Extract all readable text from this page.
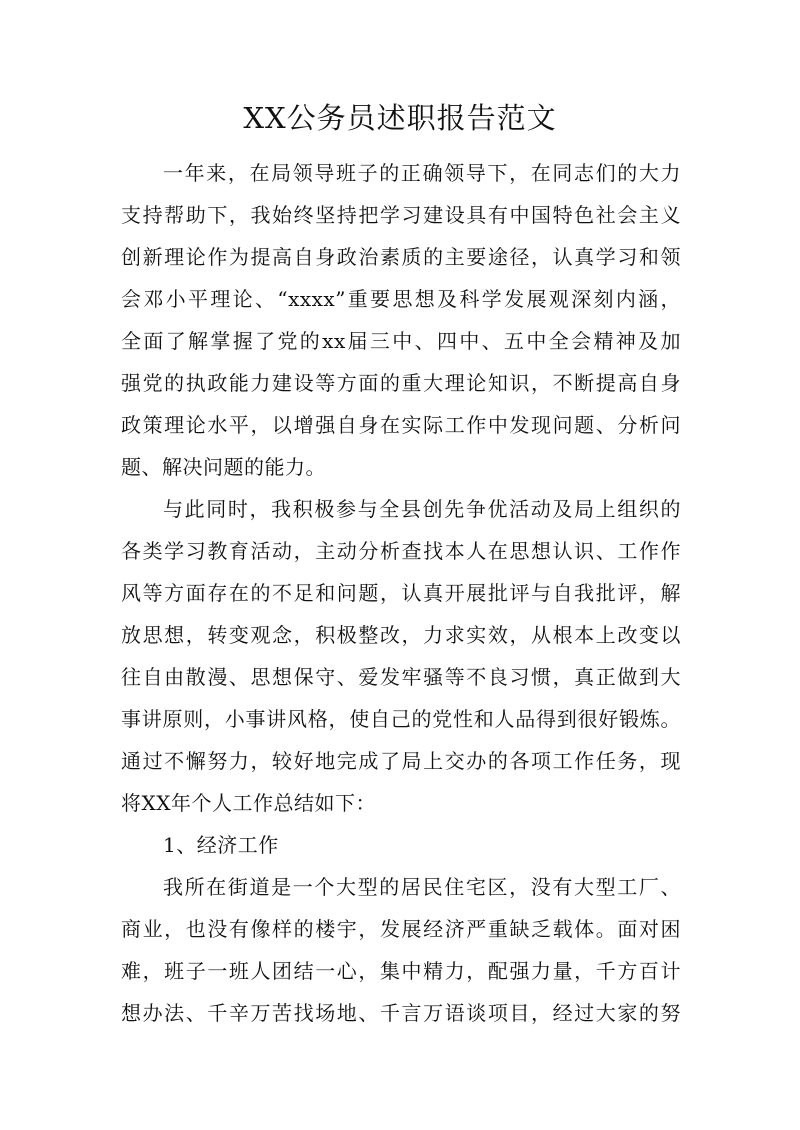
XX公务员述职报告范文
一年来，在局领导班子的正确领导下，在同志们的大力
支持帮助下，我始终坚持把学习建设具有中国特色社会主义
创新理论作为提高自身政治素质的主要途径，认真学习和领
会邓小平理论、“xxxx”重要思想及科学发展观深刻内涵，
全面了解掌握了党的xx届三中、四中、五中全会精神及加
强党的执政能力建设等方面的重大理论知识，不断提高自身
政策理论水平，以增强自身在实际工作中发现问题、分析问
题、解决问题的能力。
与此同时，我积极参与全县创先争优活动及局上组织的
各类学习教育活动，主动分析查找本人在思想认识、工作作
风等方面存在的不足和问题，认真开展批评与自我批评，解
放思想，转变观念，积极整改，力求实效，从根本上改变以
往自由散漫、思想保守、爱发牢骚等不良习惯，真正做到大
事讲原则，小事讲风格，使自己的党性和人品得到很好锻炼。
通过不懈努力，较好地完成了局上交办的各项工作任务，现
将XX年个人工作总结如下：
1、经济工作
我所在街道是一个大型的居民住宅区，没有大型工厂、
商业，也没有像样的楼宇，发展经济严重缺乏载体。面对困
难，班子一班人团结一心，集中精力，配强力量，千方百计
想办法、千辛万苦找场地、千言万语谈项目，经过大家的努
